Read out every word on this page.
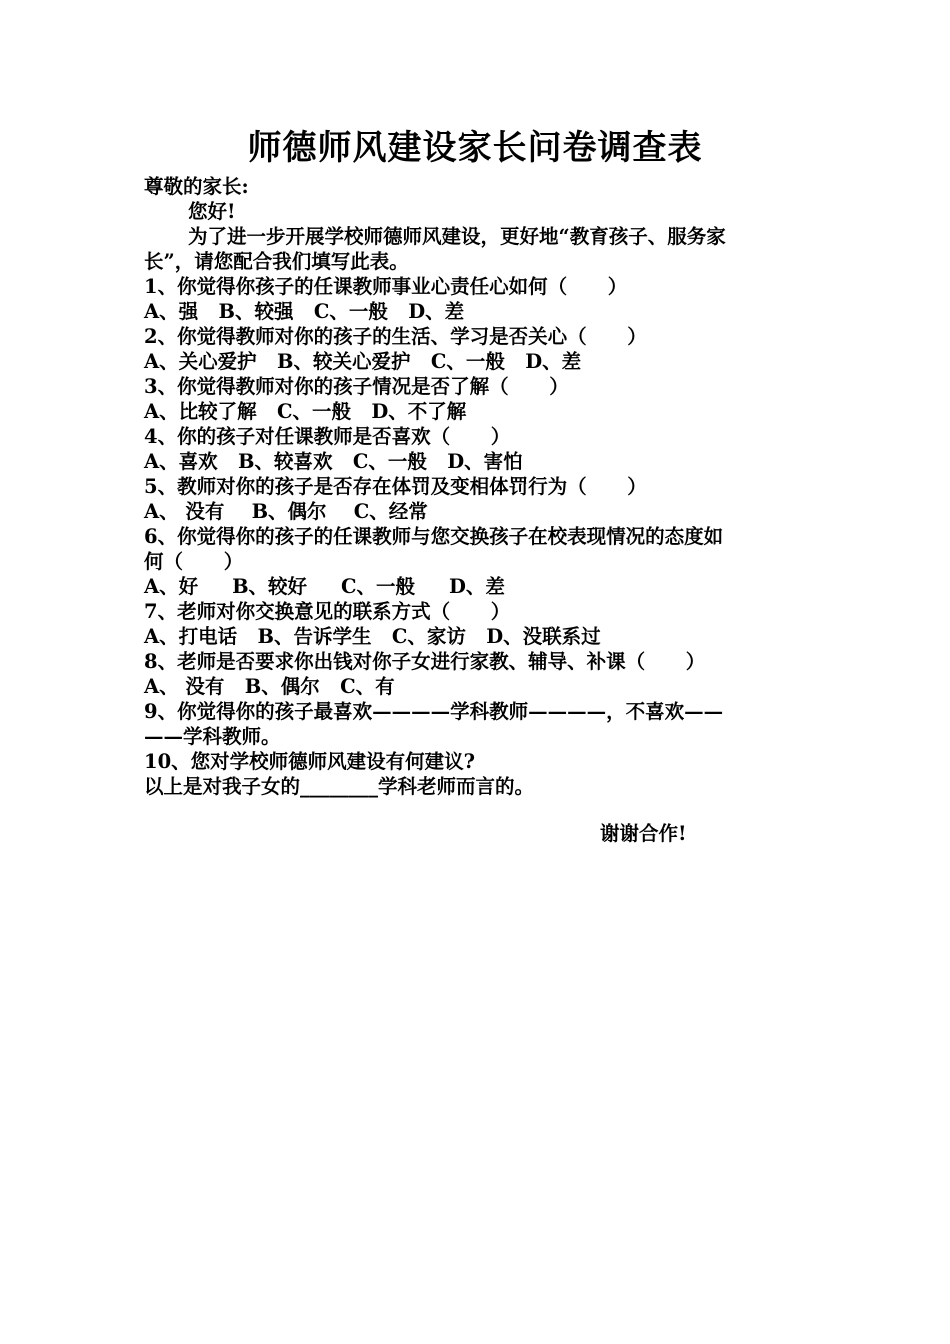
师德师风建设家长问卷调查表
尊敬的家长:
您好!
为了进一步开展学校师德师风建设，更好地“教育孩子、服务家
长”，请您配合我们填写此表。
1、你觉得你孩子的任课教师事业心责任心如何（      ）
A、强   B、较强   C、一般   D、差
2、你觉得教师对你的孩子的生活、学习是否关心（      ）
A、关心爱护   B、较关心爱护   C、一般   D、差
3、你觉得教师对你的孩子情况是否了解（      ）
A、比较了解   C、一般   D、不了解
4、你的孩子对任课教师是否喜欢（      ）
A、喜欢   B、较喜欢   C、一般   D、害怕
5、教师对你的孩子是否存在体罚及变相体罚行为（      ）
A、 没有    B、偶尔    C、经常
6、你觉得你的孩子的任课教师与您交换孩子在校表现情况的态度如
何（      ）
A、好     B、较好     C、一般     D、差
7、老师对你交换意见的联系方式（      ）
A、打电话   B、告诉学生   C、家访   D、没联系过
8、老师是否要求你出钱对你子女进行家教、辅导、补课（      ）
A、 没有   B、偶尔   C、有
9、你觉得你的孩子最喜欢————学科教师————，不喜欢——
——学科教师。
10、您对学校师德师风建设有何建议?
以上是对我子女的________学科老师而言的。
谢谢合作!
